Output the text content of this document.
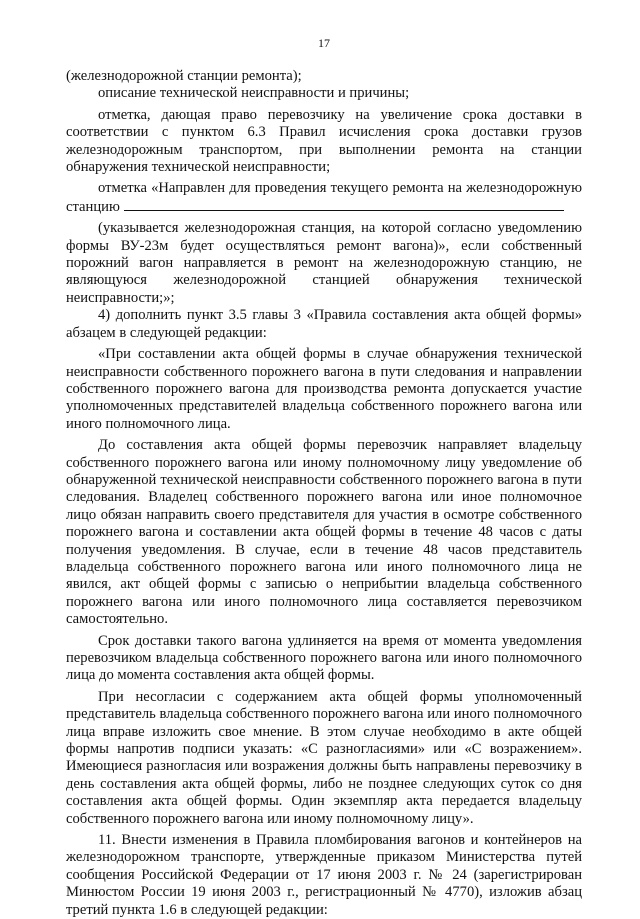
17

(железнодорожной станции ремонта);

описание технической неисправности и причины;

отметка, дающая право перевозчику на увеличение срока доставки в соответствии с пунктом 6.3 Правил исчисления срока доставки грузов железнодорожным транспортом, при выполнении ремонта на станции обнаружения технической неисправности;

отметка «Направлен для проведения текущего ремонта на железнодорожную станцию

(указывается железнодорожная станция, на которой согласно уведомлению формы ВУ-23м будет осуществляться ремонт вагона)», если собственный порожний вагон направляется в ремонт на железнодорожную станцию, не являющуюся железнодорожной станцией обнаружения технической неисправности;»;

4) дополнить пункт 3.5 главы 3 «Правила составления акта общей формы» абзацем в следующей редакции:

«При составлении акта общей формы в случае обнаружения технической неисправности собственного порожнего вагона в пути следования и направлении собственного порожнего вагона для производства ремонта допускается участие уполномоченных представителей владельца собственного порожнего вагона или иного полномочного лица.

До составления акта общей формы перевозчик направляет владельцу собственного порожнего вагона или иному полномочному лицу уведомление об обнаруженной технической неисправности собственного порожнего вагона в пути следования. Владелец собственного порожнего вагона или иное полномочное лицо обязан направить своего представителя для участия в осмотре собственного порожнего вагона и составлении акта общей формы в течение 48 часов с даты получения уведомления. В случае, если в течение 48 часов представитель владельца собственного порожнего вагона или иного полномочного лица не явился, акт общей формы с записью о неприбытии владельца собственного порожнего вагона или иного полномочного лица составляется перевозчиком самостоятельно.

Срок доставки такого вагона удлиняется на время от момента уведомления перевозчиком владельца собственного порожнего вагона или иного полномочного лица до момента составления акта общей формы.

При несогласии с содержанием акта общей формы уполномоченный представитель владельца собственного порожнего вагона или иного полномочного лица вправе изложить свое мнение. В этом случае необходимо в акте общей формы напротив подписи указать: «С разногласиями» или «С возражением». Имеющиеся разногласия или возражения должны быть направлены перевозчику в день составления акта общей формы, либо не позднее следующих суток со дня составления акта общей формы. Один экземпляр акта передается владельцу собственного порожнего вагона или иному полномочному лицу».

11. Внести изменения в Правила пломбирования вагонов и контейнеров на железнодорожном транспорте, утвержденные приказом Министерства путей сообщения Российской Федерации от 17 июня 2003 г. № 24 (зарегистрирован Минюстом России 19 июня 2003 г., регистрационный № 4770), изложив абзац третий пункта 1.6 в следующей редакции:
